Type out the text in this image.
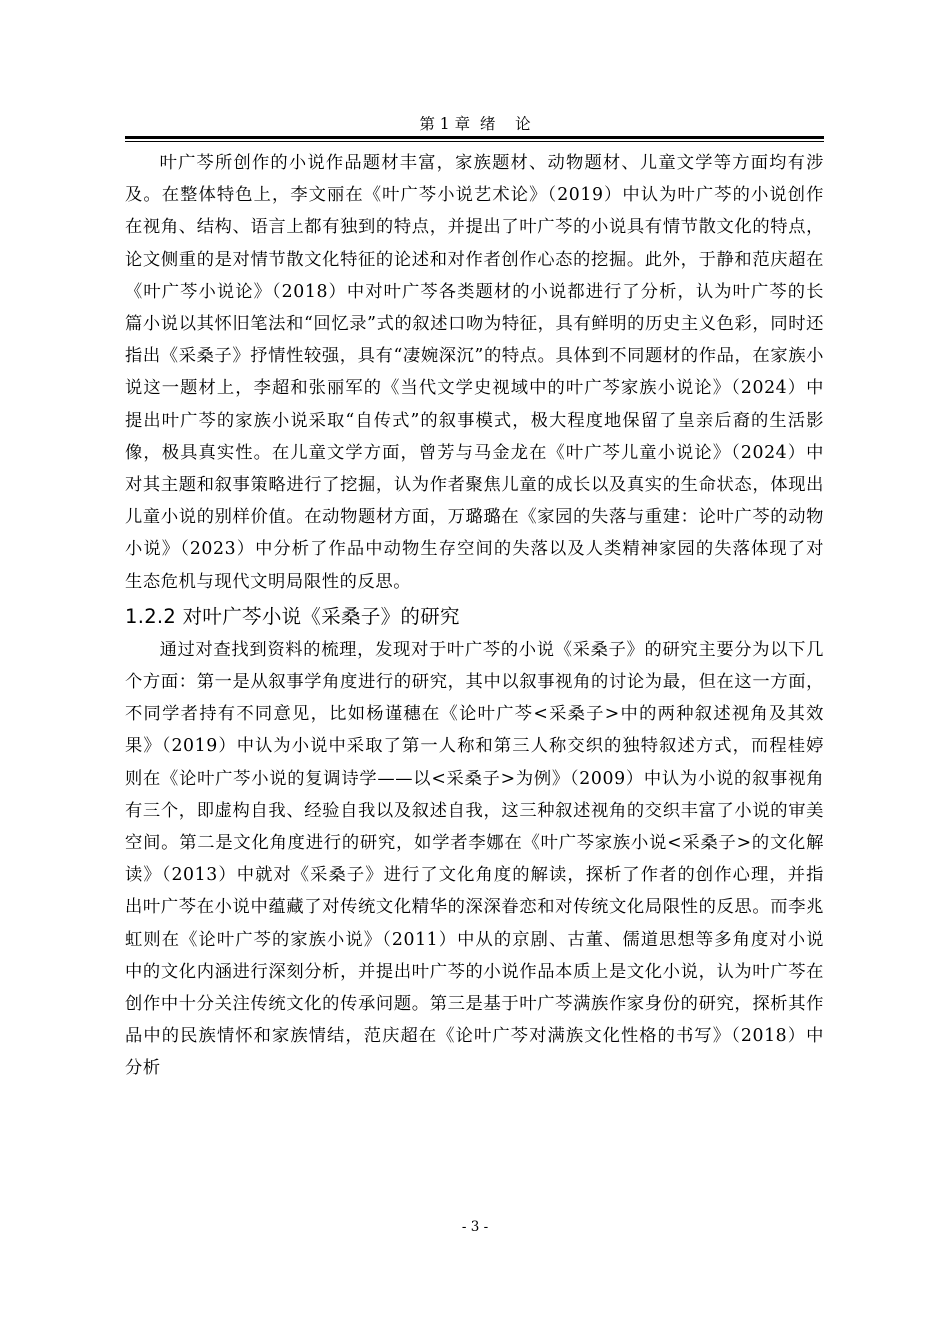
第 1 章  绪    论

叶广芩所创作的小说作品题材丰富，家族题材、动物题材、儿童文学等方面均有涉及。在整体特色上，李文丽在《叶广芩小说艺术论》（2019）中认为叶广芩的小说创作在视角、结构、语言上都有独到的特点，并提出了叶广芩的小说具有情节散文化的特点，论文侧重的是对情节散文化特征的论述和对作者创作心态的挖掘。此外，于静和范庆超在《叶广芩小说论》（2018）中对叶广芩各类题材的小说都进行了分析，认为叶广芩的长篇小说以其怀旧笔法和“回忆录”式的叙述口吻为特征，具有鲜明的历史主义色彩，同时还指出《采桑子》抒情性较强，具有“凄婉深沉”的特点。具体到不同题材的作品，在家族小说这一题材上，李超和张丽军的《当代文学史视域中的叶广芩家族小说论》（2024）中提出叶广芩的家族小说采取“自传式”的叙事模式，极大程度地保留了皇亲后裔的生活影像，极具真实性。在儿童文学方面，曾芳与马金龙在《叶广芩儿童小说论》（2024）中对其主题和叙事策略进行了挖掘，认为作者聚焦儿童的成长以及真实的生命状态，体现出儿童小说的别样价值。在动物题材方面，万璐璐在《家园的失落与重建：论叶广芩的动物小说》（2023）中分析了作品中动物生存空间的失落以及人类精神家园的失落体现了对生态危机与现代文明局限性的反思。

1.2.2 对叶广芩小说《采桑子》的研究

通过对查找到资料的梳理，发现对于叶广芩的小说《采桑子》的研究主要分为以下几个方面：第一是从叙事学角度进行的研究，其中以叙事视角的讨论为最，但在这一方面，不同学者持有不同意见，比如杨谨穗在《论叶广芩<采桑子>中的两种叙述视角及其效果》（2019）中认为小说中采取了第一人称和第三人称交织的独特叙述方式，而程桂婷则在《论叶广芩小说的复调诗学——以<采桑子>为例》（2009）中认为小说的叙事视角有三个，即虚构自我、经验自我以及叙述自我，这三种叙述视角的交织丰富了小说的审美空间。第二是文化角度进行的研究，如学者李娜在《叶广芩家族小说<采桑子>的文化解读》（2013）中就对《采桑子》进行了文化角度的解读，探析了作者的创作心理，并指出叶广芩在小说中蕴藏了对传统文化精华的深深眷恋和对传统文化局限性的反思。而李兆虹则在《论叶广芩的家族小说》（2011）中从的京剧、古董、儒道思想等多角度对小说中的文化内涵进行深刻分析，并提出叶广芩的小说作品本质上是文化小说，认为叶广芩在创作中十分关注传统文化的传承问题。第三是基于叶广芩满族作家身份的研究，探析其作品中的民族情怀和家族情结，范庆超在《论叶广芩对满族文化性格的书写》（2018）中分析

- 3 -
